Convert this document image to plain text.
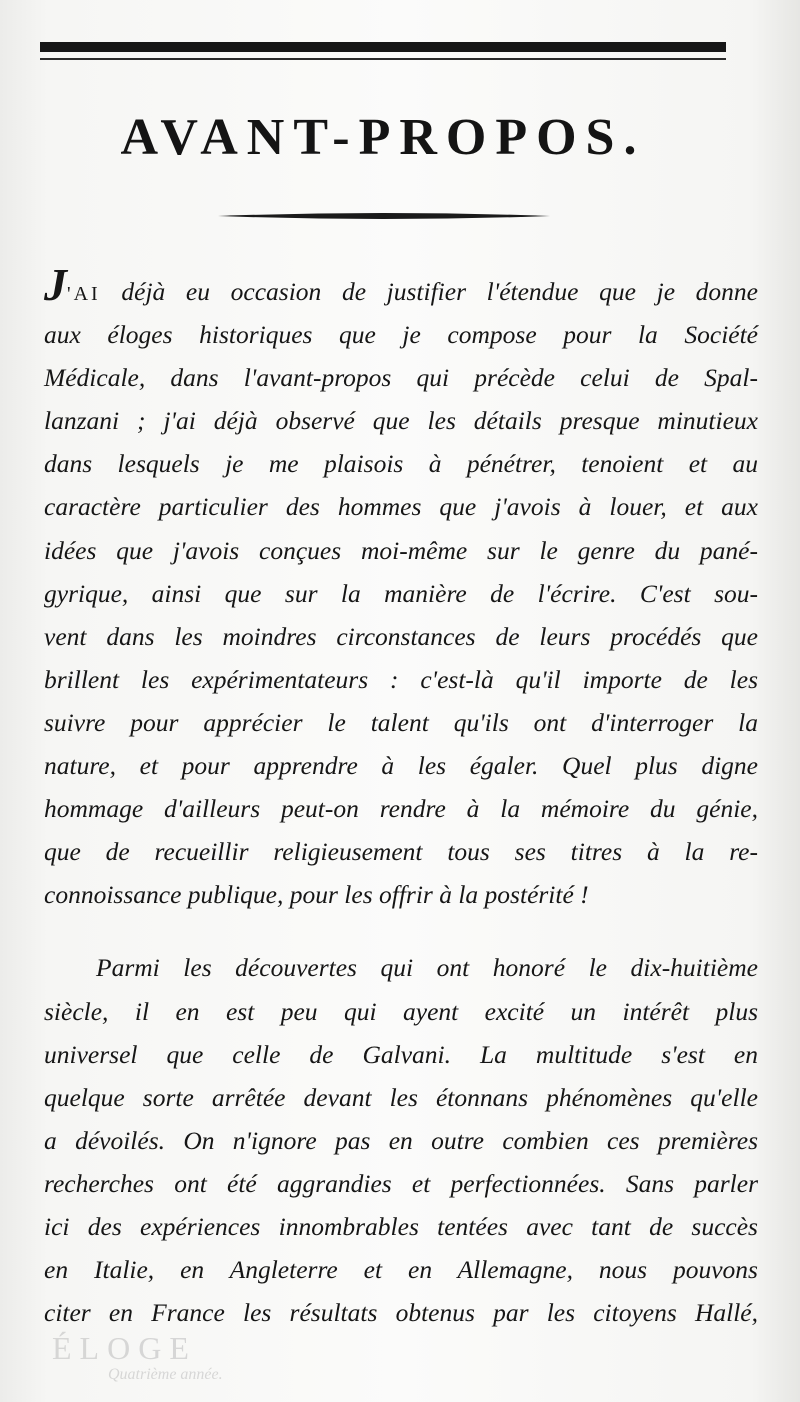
AVANT-PROPOS.
J'AI déjà eu occasion de justifier l'étendue que je donne
aux éloges historiques que je compose pour la Société
Médicale, dans l'avant-propos qui précède celui de Spal-
lanzani ; j'ai déjà observé que les détails presque minutieux
dans lesquels je me plaisois à pénétrer, tenoient et au
caractère particulier des hommes que j'avois à louer, et aux
idées que j'avois conçues moi-même sur le genre du pané-
gyrique, ainsi que sur la manière de l'écrire. C'est sou-
vent dans les moindres circonstances de leurs procédés que
brillent les expérimentateurs : c'est-là qu'il importe de les
suivre pour apprécier le talent qu'ils ont d'interroger la
nature, et pour apprendre à les égaler. Quel plus digne
hommage d'ailleurs peut-on rendre à la mémoire du génie,
que de recueillir religieusement tous ses titres à la re-
connoissance publique, pour les offrir à la postérité !
Parmi les découvertes qui ont honoré le dix-huitième
siècle, il en est peu qui ayent excité un intérêt plus
universel que celle de Galvani. La multitude s'est en
quelque sorte arrêtée devant les étonnans phénomènes qu'elle
a dévoilés. On n'ignore pas en outre combien ces premières
recherches ont été aggrandies et perfectionnées. Sans parler
ici des expériences innombrables tentées avec tant de succès
en Italie, en Angleterre et en Allemagne, nous pouvons
citer en France les résultats obtenus par les citoyens Hallé,
ÉLOGE
Quatrième année.
